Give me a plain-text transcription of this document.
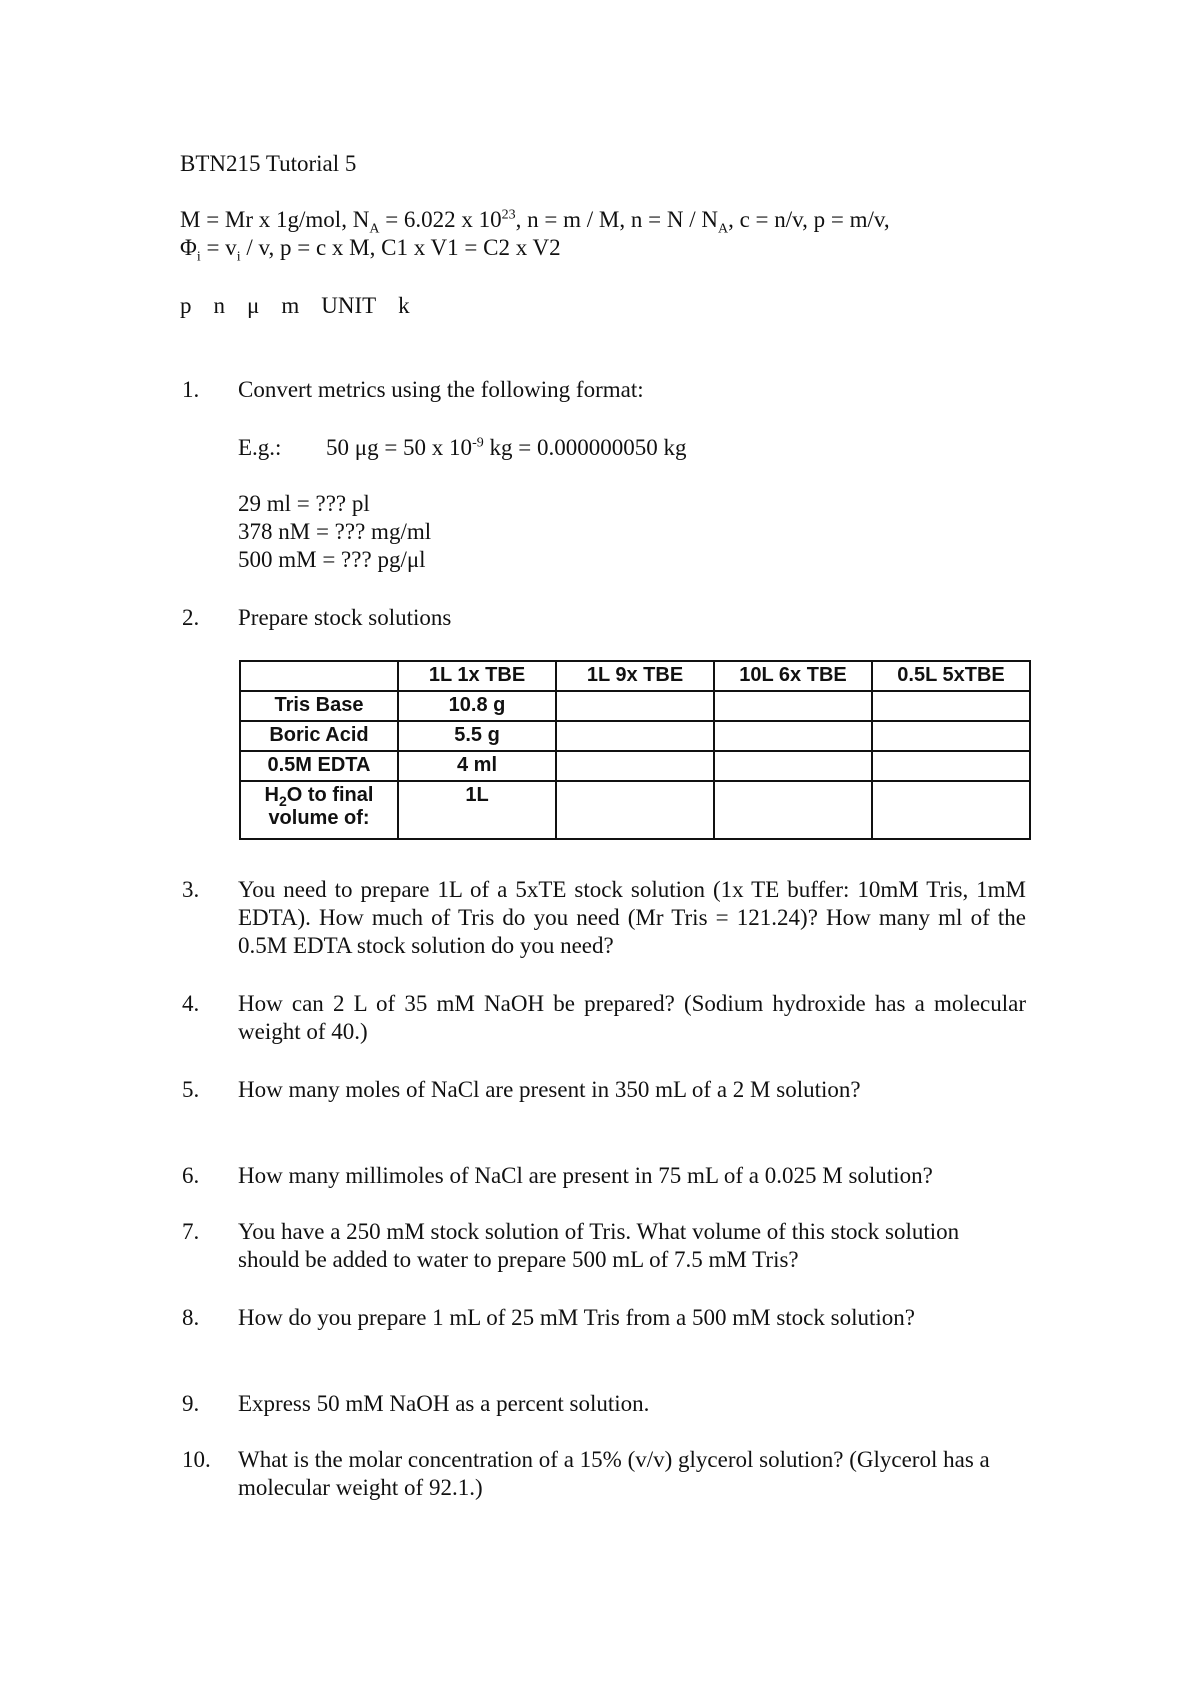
BTN215 Tutorial 5
M = Mr x 1g/mol, $N_A = 6.022$ x $10^{23}$, n = m / M, $n = N / N_A$, c = n/v, p = m/v,
$\Phi_i = v_i / v$, p = c x M, C1 x V1 = C2 x V2
p n μ m UNIT k
1. Convert metrics using the following format:
E.g.: 50 μg = 50 x $10^{-9}$ kg = 0.000000050 kg
29 ml = ??? pl
378 nM = ??? mg/ml
500 mM = ??? pg/μl
2. Prepare stock solutions
	1L 1x TBE	1L 9x TBE	10L 6x TBE	0.5L 5xTBE
Tris Base	10.8 g			
Boric Acid	5.5 g			
0.5M EDTA	4 ml			
$H_2O$ to final volume of:	1L			
3. You need to prepare 1L of a 5xTE stock solution (1x TE buffer: 10mM Tris, 1mM EDTA). How much of Tris do you need (Mr Tris = 121.24)? How many ml of the 0.5M EDTA stock solution do you need?
4. How can 2 L of 35 mM NaOH be prepared? (Sodium hydroxide has a molecular weight of 40.)
5. How many moles of NaCl are present in 350 mL of a 2 M solution?
6. How many millimoles of NaCl are present in 75 mL of a 0.025 M solution?
7. You have a 250 mM stock solution of Tris. What volume of this stock solution should be added to water to prepare 500 mL of 7.5 mM Tris?
8. How do you prepare 1 mL of 25 mM Tris from a 500 mM stock solution?
9. Express 50 mM NaOH as a percent solution.
10. What is the molar concentration of a 15% (v/v) glycerol solution? (Glycerol has a molecular weight of 92.1.)
